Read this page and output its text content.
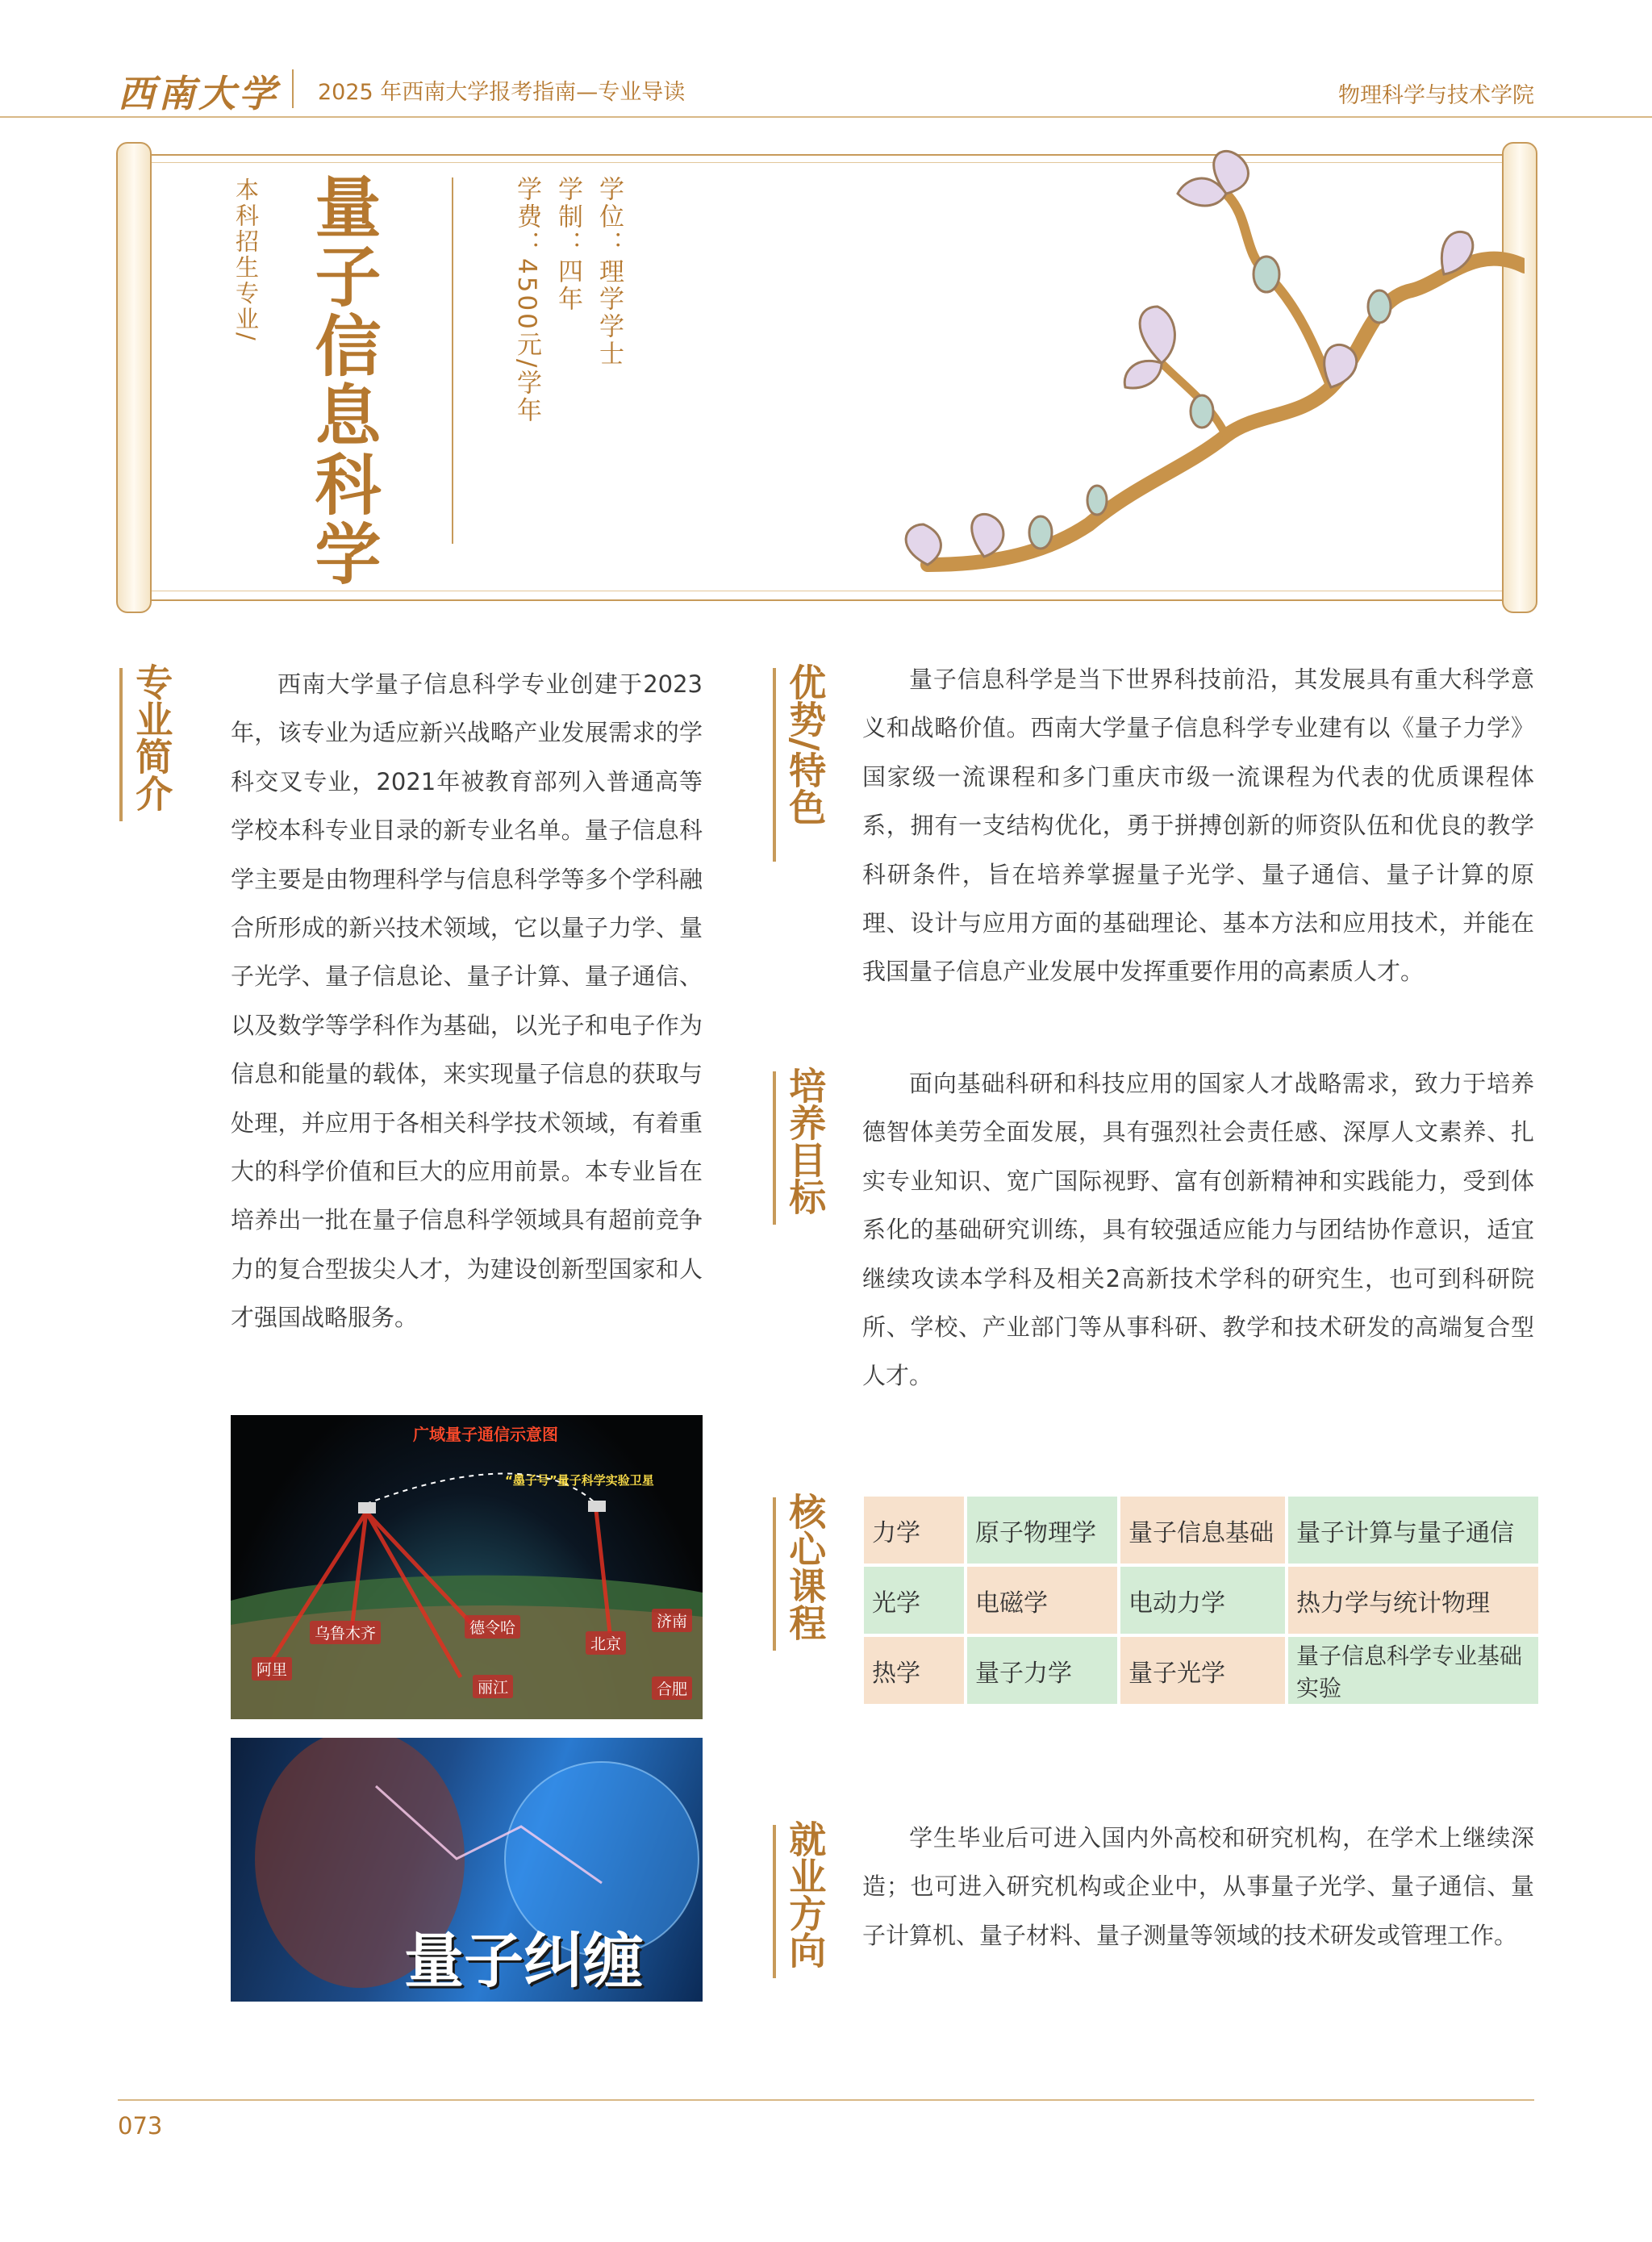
西南大学 2025 年西南大学报考指南—专业导读	物理科学与技术学院
本科招生专业/ 量子信息科学	学位：理学学士
学制：四年
学费：4500元/学年
专业简介	西南大学量子信息科学专业创建于2023年，该专业为适应新兴战略产业发展需求的学科交叉专业，2021年被教育部列入普通高等学校本科专业目录的新专业名单。量子信息科学主要是由物理科学与信息科学等多个学科融合所形成的新兴技术领域，它以量子力学、量子光学、量子信息论、量子计算、量子通信、以及数学等学科作为基础，以光子和电子作为信息和能量的载体，来实现量子信息的获取与处理，并应用于各相关科学技术领域，有着重大的科学价值和巨大的应用前景。本专业旨在培养出一批在量子信息科学领域具有超前竞争力的复合型拔尖人才，为建设创新型国家和人才强国战略服务。

广域量子通信示意图
“墨子号”量子科学实验卫星
乌鲁木齐	德令哈
阿里
丽江
北京
济南
合肥
量子纠缠
优势/特色	量子信息科学是当下世界科技前沿，其发展具有重大科学意义和战略价值。西南大学量子信息科学专业建有以《量子力学》国家级一流课程和多门重庆市级一流课程为代表的优质课程体系，拥有一支结构优化，勇于拼搏创新的师资队伍和优良的教学科研条件，旨在培养掌握量子光学、量子通信、量子计算的原理、设计与应用方面的基础理论、基本方法和应用技术，并能在我国量子信息产业发展中发挥重要作用的高素质人才。

培养目标	面向基础科研和科技应用的国家人才战略需求，致力于培养德智体美劳全面发展，具有强烈社会责任感、深厚人文素养、扎实专业知识、宽广国际视野、富有创新精神和实践能力，受到体系化的基础研究训练，具有较强适应能力与团结协作意识，适宜继续攻读本学科及相关2高新技术学科的研究生，也可到科研院所、学校、产业部门等从事科研、教学和技术研发的高端复合型人才。

核心课程 力学	原子物理学	量子信息基础	量子计算与量子通信
光学	电磁学	电动力学	热力学与统计物理
热学	量子力学	量子光学	量子信息科学专业基础实验
就业方向	学生毕业后可进入国内外高校和研究机构，在学术上继续深造；也可进入研究机构或企业中，从事量子光学、量子通信、量子计算机、量子材料、量子测量等领域的技术研发或管理工作。

073
